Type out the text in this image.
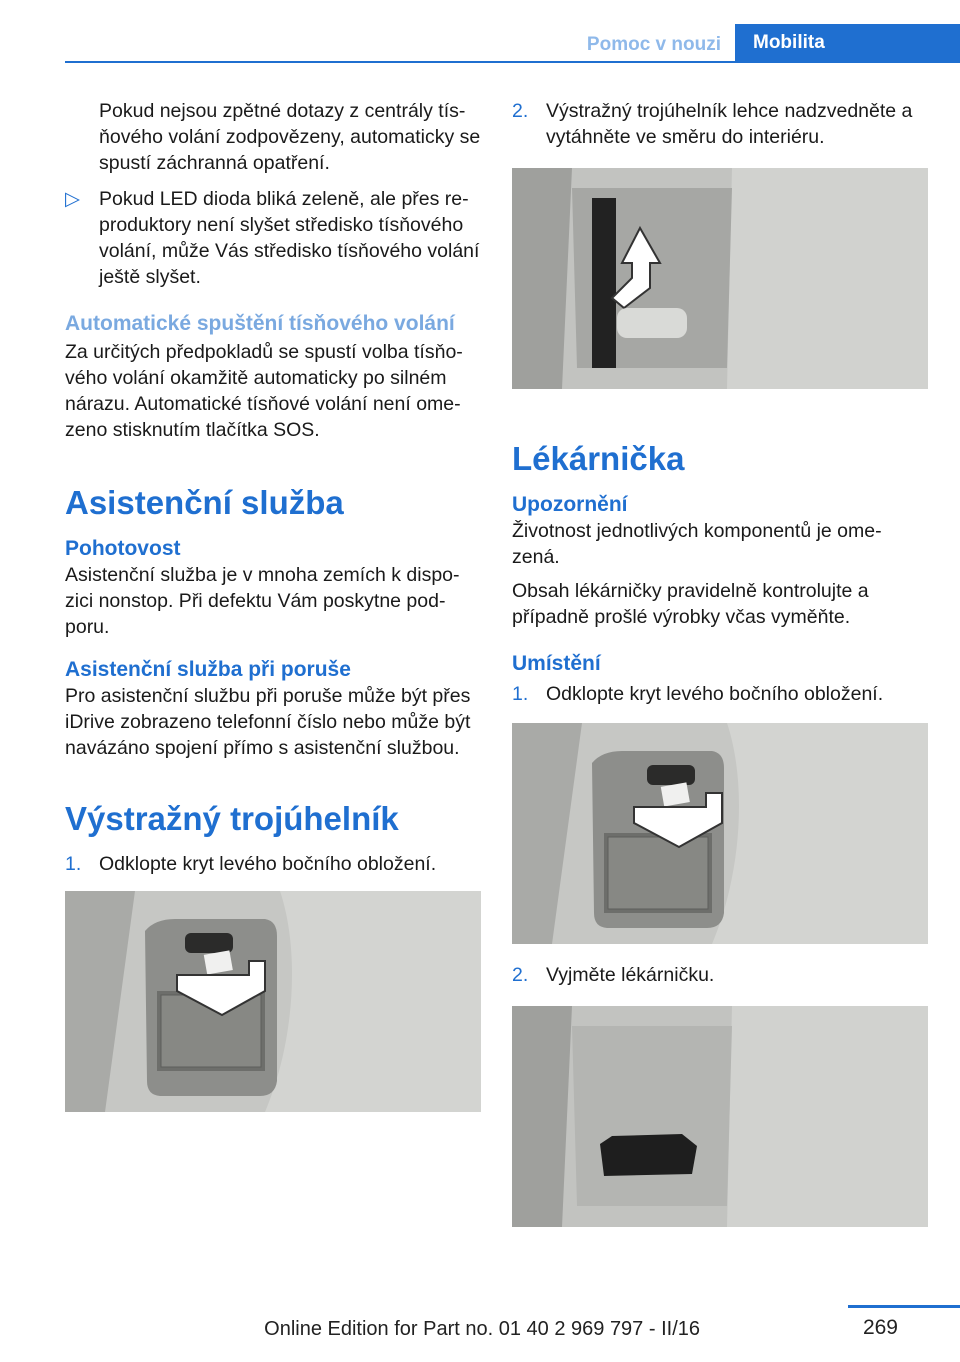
Pomoc v nouzi	Mobilita

Pokud nejsou zpětné dotazy z centrály tís-ňového volání zodpovězeny, automaticky se spustí záchranná opatření.

▷ Pokud LED dioda bliká zeleně, ale přes re-produktory není slyšet středisko tísňového volání, může Vás středisko tísňového volání ještě slyšet.
Automatické spuštění tísňového volání

Za určitých předpokladů se spustí volba tísňo-vého volání okamžitě automaticky po silném nárazu. Automatické tísňové volání není ome-zeno stisknutím tlačítka SOS.

Asistenční služba
Pohotovost

Asistenční služba je v mnoha zemích k dispo-zici nonstop. Při defektu Vám poskytne pod-poru.

Asistenční služba při poruše

Pro asistenční službu při poruše může být přes iDrive zobrazeno telefonní číslo nebo může být navázáno spojení přímo s asistenční službou.

Výstražný trojúhelník
1. Odklopte kryt levého bočního obložení.
2. Výstražný trojúhelník lehce nadzvedněte a vytáhněte ve směru do interiéru.
Lékárnička
Upozornění

Životnost jednotlivých komponentů je ome-zená.

Obsah lékárničky pravidelně kontrolujte a případně prošlé výrobky včas vyměňte.

Umístění
1. Odklopte kryt levého bočního obložení.
2. Vyjměte lékárničku.
269
Online Edition for Part no. 01 40 2 969 797 - II/16
